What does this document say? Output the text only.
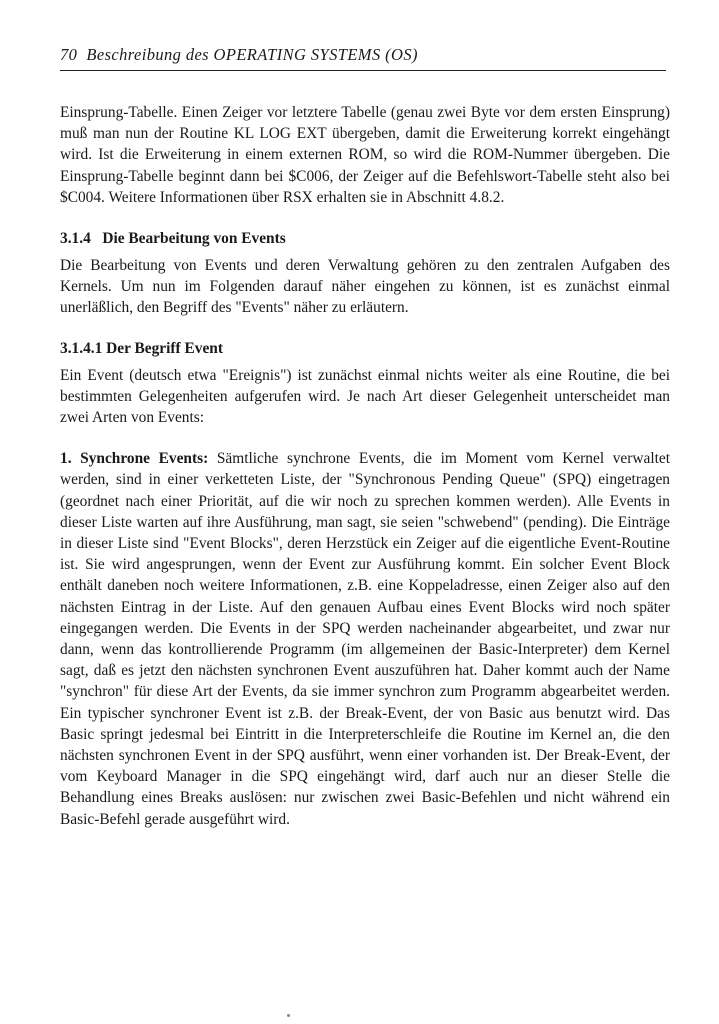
70 Beschreibung des OPERATING SYSTEMS (OS)

Einsprung-Tabelle. Einen Zeiger vor letztere Tabelle (genau zwei Byte vor dem ersten Einsprung) muß man nun der Routine KL LOG EXT übergeben, damit die Erweiterung korrekt eingehängt wird. Ist die Erweiterung in einem externen ROM, so wird die ROM-Nummer übergeben. Die Einsprung-Tabelle beginnt dann bei $C006, der Zeiger auf die Befehlswort-Tabelle steht also bei $C004. Weitere Informationen über RSX erhalten sie in Abschnitt 4.8.2.

3.1.4   Die Bearbeitung von Events

Die Bearbeitung von Events und deren Verwaltung gehören zu den zentralen Aufgaben des Kernels. Um nun im Folgenden darauf näher eingehen zu können, ist es zunächst einmal unerläßlich, den Begriff des "Events" näher zu erläutern.

3.1.4.1 Der Begriff Event

Ein Event (deutsch etwa "Ereignis") ist zunächst einmal nichts weiter als eine Routine, die bei bestimmten Gelegenheiten aufgerufen wird. Je nach Art dieser Gelegenheit unterscheidet man zwei Arten von Events:

1. Synchrone Events: Sämtliche synchrone Events, die im Moment vom Kernel verwaltet werden, sind in einer verketteten Liste, der "Synchronous Pending Queue" (SPQ) eingetragen (geordnet nach einer Priorität, auf die wir noch zu sprechen kommen werden). Alle Events in dieser Liste warten auf ihre Ausführung, man sagt, sie seien "schwebend" (pending). Die Einträge in dieser Liste sind "Event Blocks", deren Herzstück ein Zeiger auf die eigentliche Event-Routine ist. Sie wird angesprungen, wenn der Event zur Ausführung kommt. Ein solcher Event Block enthält daneben noch weitere Informationen, z.B. eine Koppeladresse, einen Zeiger also auf den nächsten Eintrag in der Liste. Auf den genauen Aufbau eines Event Blocks wird noch später eingegangen werden. Die Events in der SPQ werden nacheinander abgearbeitet, und zwar nur dann, wenn das kontrollierende Programm (im allgemeinen der Basic-Interpreter) dem Kernel sagt, daß es jetzt den nächsten synchronen Event auszuführen hat. Daher kommt auch der Name "synchron" für diese Art der Events, da sie immer synchron zum Programm abgearbeitet werden. Ein typischer synchroner Event ist z.B. der Break-Event, der von Basic aus benutzt wird. Das Basic springt jedesmal bei Eintritt in die Interpreterschleife die Routine im Kernel an, die den nächsten synchronen Event in der SPQ ausführt, wenn einer vorhanden ist. Der Break-Event, der vom Keyboard Manager in die SPQ eingehängt wird, darf auch nur an dieser Stelle die Behandlung eines Breaks auslösen: nur zwischen zwei Basic-Befehlen und nicht während ein Basic-Befehl gerade ausgeführt wird.
